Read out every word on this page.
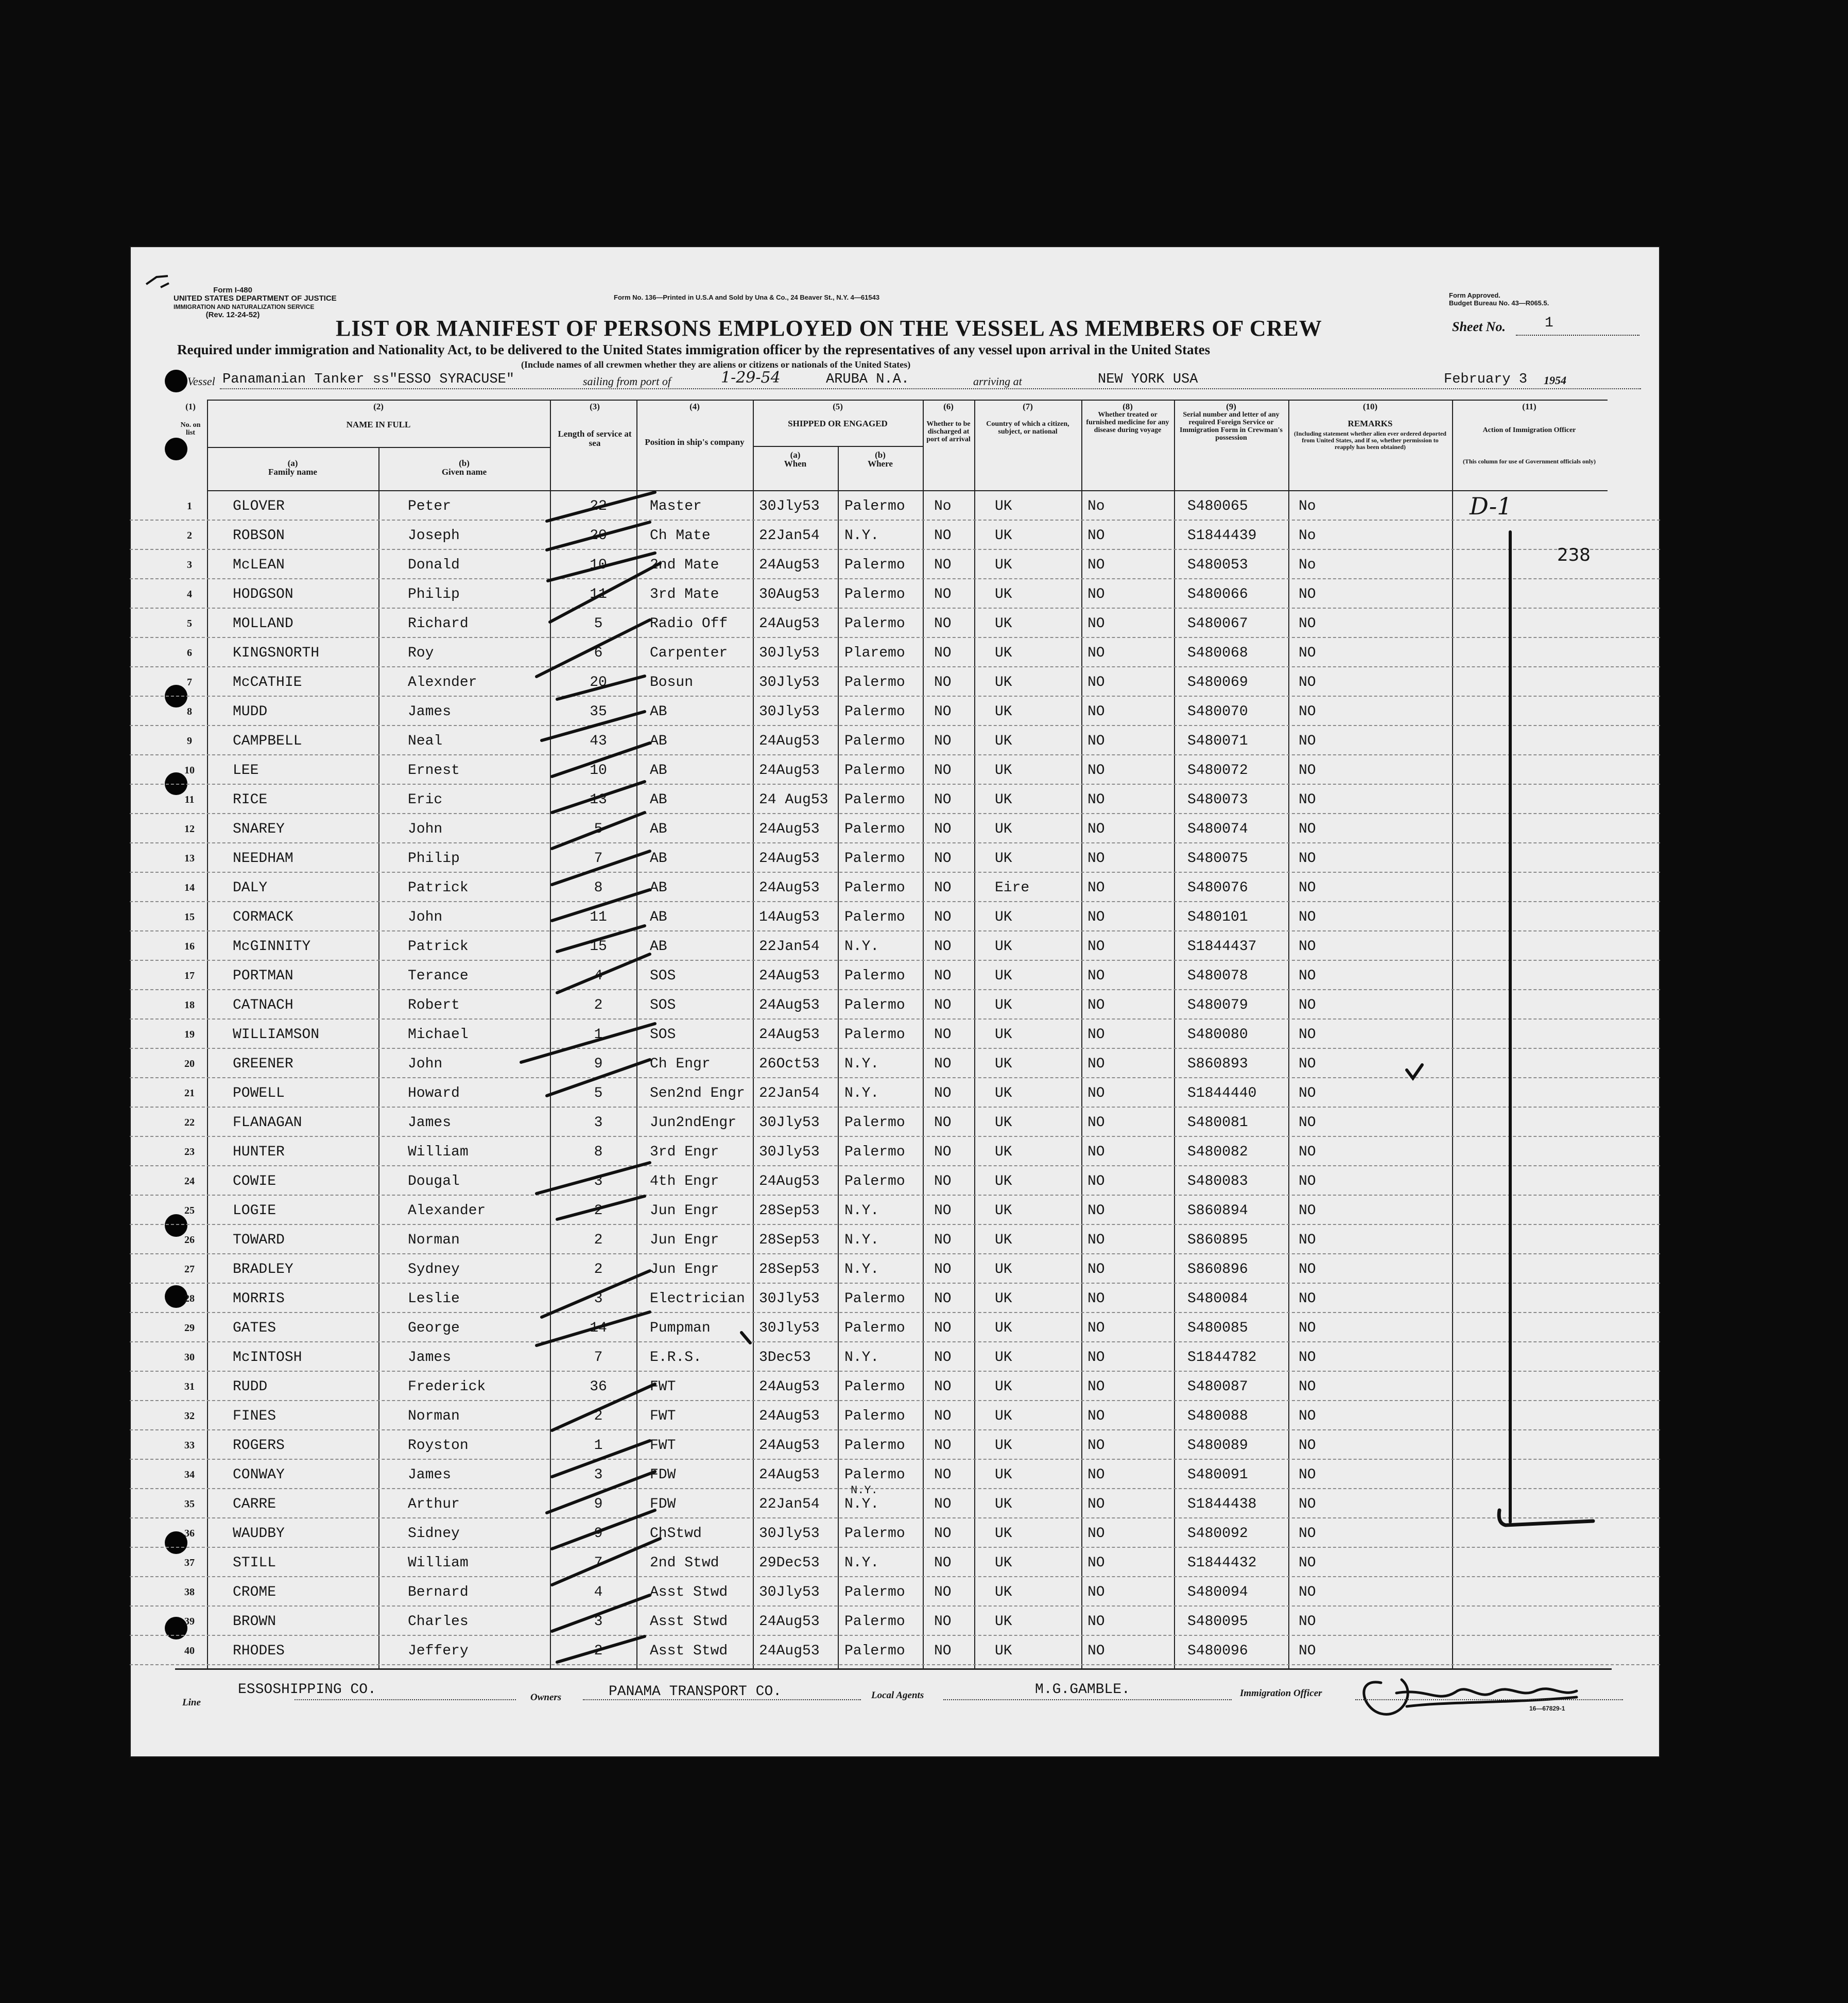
Form I-480
UNITED STATES DEPARTMENT OF JUSTICE
IMMIGRATION AND NATURALIZATION SERVICE
(Rev. 12-24-52)
Form No. 136—Printed in U.S.A and Sold by Una & Co., 24 Beaver St., N.Y. 4—61543	Form Approved.
Budget Bureau No. 43—R065.5.
LIST OR MANIFEST OF PERSONS EMPLOYED ON THE VESSEL AS MEMBERS OF CREW	Sheet No.	1
Required under immigration and Nationality Act, to be delivered to the United States immigration officer by the representatives of any vessel upon arrival in the United States
(Include names of all crewmen whether they are aliens or citizens or nationals of the United States)
Vessel Panamanian Tanker ss"ESSO SYRACUSE"	sailing from port of	1-29-54	ARUBA N.A.	arriving at	NEW YORK USA	February 3 1954
(1)	(2)	(3)	(4)	(5)	(6)	(7)	(8)	(9)	(10)	(11)
No. on list
NAME IN FULL
(a)
Family name
(b)
Given name
Length of service at sea	Position in ship's company
SHIPPED OR ENGAGED
(a)
When
(b)
Where
Whether to be discharged at port of arrival
Country of which a citizen, subject, or national
Whether treated or furnished medicine for any disease during voyage
Serial number and letter of any required Foreign Service or Immigration Form in Crewman's possession
REMARKS
(Including statement whether alien ever ordered deported from United States, and if so, whether permission to reapply has been obtained)
Action of Immigration Officer
(This column for use of Government officials only)
1	GLOVER	Peter	22	Master	30Jly53 Palermo No	UK	No	S480065	No
2	ROBSON	Joseph	20	Ch Mate	22Jan54 N.Y.	NO	UK	NO	S1844439	No
3	McLEAN	Donald	10	2nd Mate	24Aug53 Palermo NO	UK	NO	S480053	No
4	HODGSON	Philip	11	3rd Mate	30Aug53 Palermo NO	UK	NO	S480066	NO
5	MOLLAND	Richard	5	Radio Off 24Aug53 Palermo NO	UK	NO	S480067	NO
6	KINGSNORTH	Roy	6	Carpenter 30Jly53 Plaremo NO	UK	NO	S480068	NO
7	McCATHIE	Alexnder	20	Bosun	30Jly53 Palermo NO	UK	NO	S480069	NO
8	MUDD	James	35	AB	30Jly53 Palermo NO	UK	NO	S480070	NO
9	CAMPBELL	Neal	43	AB	24Aug53 Palermo NO	UK	NO	S480071	NO
10	LEE	Ernest	10	AB	24Aug53 Palermo NO	UK	NO	S480072	NO
11	RICE	Eric	13	AB	24 Aug53 Palermo NO	UK	NO	S480073	NO
12	SNAREY	John	5	AB	24Aug53 Palermo NO	UK	NO	S480074	NO
13	NEEDHAM	Philip	7	AB	24Aug53 Palermo NO	UK	NO	S480075	NO
14	DALY	Patrick	8	AB	24Aug53 Palermo NO	Eire	NO	S480076	NO
15	CORMACK	John	11	AB	14Aug53 Palermo NO	UK	NO	S480101	NO
16	McGINNITY	Patrick	15	AB	22Jan54 N.Y.	NO	UK	NO	S1844437	NO
17	PORTMAN	Terance	4	SOS	24Aug53 Palermo NO	UK	NO	S480078	NO
18	CATNACH	Robert	2	SOS	24Aug53 Palermo NO	UK	NO	S480079	NO
19	WILLIAMSON	Michael	1	SOS	24Aug53 Palermo NO	UK	NO	S480080	NO
20	GREENER	John	9	Ch Engr	26Oct53 N.Y.	NO	UK	NO	S860893	NO
21	POWELL	Howard	5	Sen2nd Engr 22Jan54 N.Y.	NO	UK	NO	S1844440	NO
22	FLANAGAN	James	3	Jun2ndEngr 30Jly53 Palermo NO	UK	NO	S480081	NO
23	HUNTER	William	8	3rd Engr	30Jly53 Palermo NO	UK	NO	S480082	NO
24	COWIE	Dougal	3	4th Engr	24Aug53 Palermo NO	UK	NO	S480083	NO
25	LOGIE	Alexander	2	Jun Engr	28Sep53 N.Y.	NO	UK	NO	S860894	NO
26	TOWARD	Norman	2	Jun Engr	28Sep53 N.Y.	NO	UK	NO	S860895	NO
27	BRADLEY	Sydney	2	Jun Engr	28Sep53 N.Y.	NO	UK	NO	S860896	NO
28	MORRIS	Leslie	3	Electrician 30Jly53 Palermo NO	UK	NO	S480084	NO
29	GATES	George	14	Pumpman	30Jly53 Palermo NO	UK	NO	S480085	NO
30	McINTOSH	James	7	E.R.S.	3Dec53 N.Y.	NO	UK	NO	S1844782	NO
31	RUDD	Frederick	36	FWT	24Aug53 Palermo NO	UK	NO	S480087	NO
32	FINES	Norman	2	FWT	24Aug53 Palermo NO	UK	NO	S480088	NO
33	ROGERS	Royston	1	FWT	24Aug53 Palermo NO	UK	NO	S480089	NO
34	CONWAY	James	3	FDW	24Aug53 Palermo NO	UK	NO	S480091	NO
35	CARRE	Arthur	9	FDW	22Jan54 N.Y.	NO	UK	NO	S1844438	NO
N.Y.
36	WAUDBY	Sidney	9	ChStwd	30Jly53 Palermo NO	UK	NO	S480092	NO
37	STILL	William	7	2nd Stwd	29Dec53 N.Y.	NO	UK	NO	S1844432	NO
38	CROME	Bernard	4	Asst Stwd 30Jly53 Palermo NO	UK	NO	S480094	NO
39	BROWN	Charles	3	Asst Stwd 24Aug53 Palermo NO	UK	NO	S480095	NO
40	RHODES	Jeffery	2	Asst Stwd 24Aug53 Palermo NO	UK	NO	S480096	NO
D-1
238
Line
ESSOSHIPPING CO.	Owners	PANAMA TRANSPORT CO.	Local Agents	M.G.GAMBLE.	Immigration Officer
16—67829-1
